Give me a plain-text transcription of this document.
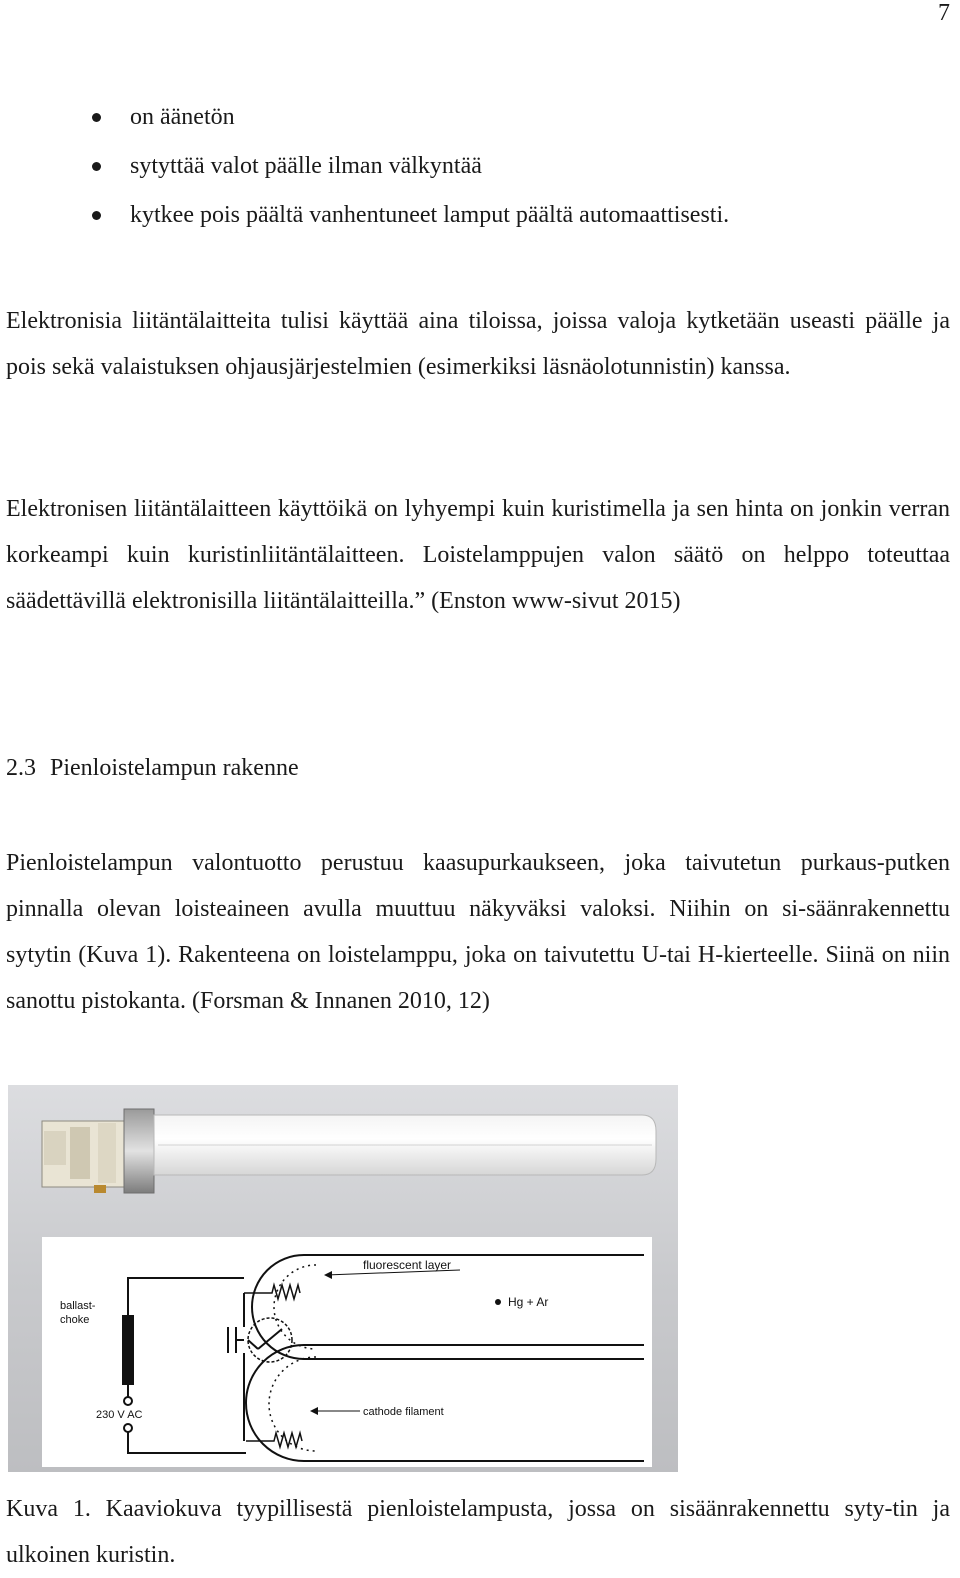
7
on äänetön
sytyttää valot päälle ilman välkyntää
kytkee pois päältä vanhentuneet lamput päältä automaattisesti.

Elektronisia liitäntälaitteita tulisi käyttää aina tiloissa, joissa valoja kytketään useasti päälle ja pois sekä valaistuksen ohjausjärjestelmien (esimerkiksi läsnäolotunnistin) kanssa.

Elektronisen liitäntälaitteen käyttöikä on lyhyempi kuin kuristimella ja sen hinta on jonkin verran korkeampi kuin kuristinliitäntälaitteen. Loistelamppujen valon säätö on helppo toteuttaa säädettävillä elektronisilla liitäntälaitteilla.” (Enston www-sivut 2015)

2.3 Pienloistelampun rakenne

Pienloistelampun valontuotto perustuu kaasupurkaukseen, joka taivutetun purkaus-putken pinnalla olevan loisteaineen avulla muuttuu näkyväksi valoksi. Niihin on si-säänrakennettu sytytin (Kuva 1). Rakenteena on loistelamppu, joka on taivutettu U-tai H-kierteelle. Siinä on niin sanottu pistokanta. (Forsman & Innanen 2010, 12)

fluorescent layer
Hg + Ar
ballast-
choke
230 V AC	cathode filament

Kuva 1. Kaaviokuva tyypillisestä pienloistelampusta, jossa on sisäänrakennettu syty-tin ja ulkoinen kuristin.
